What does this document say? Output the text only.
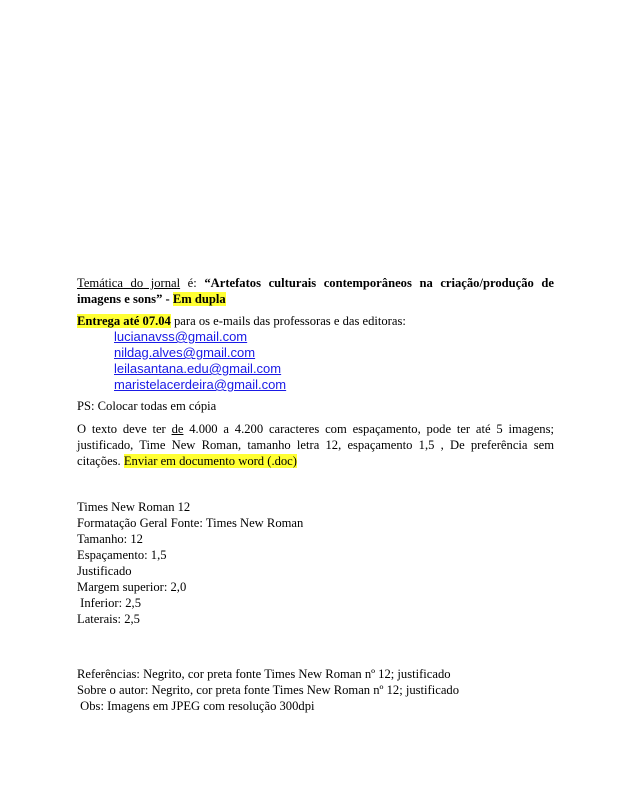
Temática do jornal é: “Artefatos culturais contemporâneos na criação/produção de imagens e sons” - Em dupla
Entrega até 07.04 para os e-mails das professoras e das editoras:
lucianavss@gmail.com
nildag.alves@gmail.com
leilasantana.edu@gmail.com
maristelacerdeira@gmail.com
PS: Colocar todas em cópia
O texto deve ter de 4.000 a 4.200 caracteres com espaçamento, pode ter até 5 imagens; justificado, Time New Roman, tamanho letra 12, espaçamento 1,5 , De preferência sem citações. Enviar em documento word (.doc)
Times New Roman 12
Formatação Geral Fonte: Times New Roman
Tamanho: 12
Espaçamento: 1,5
Justificado
Margem superior: 2,0
Inferior: 2,5
Laterais: 2,5
Referências: Negrito, cor preta fonte Times New Roman nº 12; justificado
Sobre o autor: Negrito, cor preta fonte Times New Roman nº 12; justificado
Obs: Imagens em JPEG com resolução 300dpi
